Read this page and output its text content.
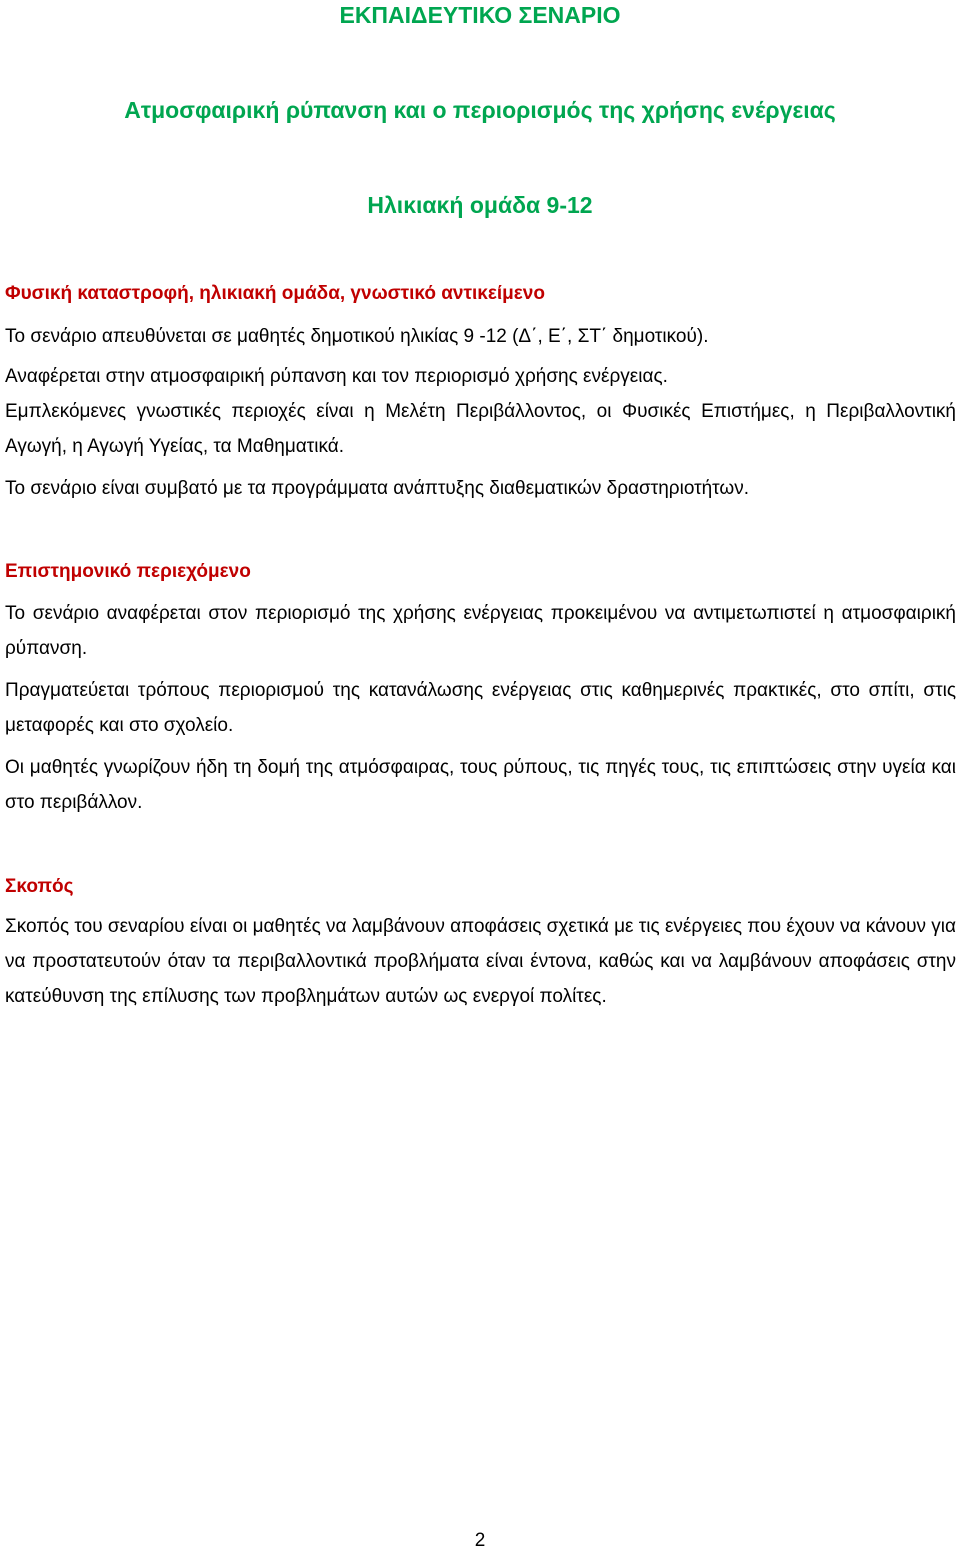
ΕΚΠΑΙΔΕΥΤΙΚΟ ΣΕΝΑΡΙΟ
Ατμοσφαιρική ρύπανση και ο περιορισμός της χρήσης ενέργειας
Ηλικιακή ομάδα 9-12
Φυσική καταστροφή, ηλικιακή ομάδα, γνωστικό αντικείμενο

Το σενάριο απευθύνεται σε μαθητές δημοτικού ηλικίας 9 -12 (Δ΄, Ε΄, ΣΤ΄ δημοτικού).

Αναφέρεται στην ατμοσφαιρική ρύπανση και τον περιορισμό χρήσης ενέργειας.

Εμπλεκόμενες γνωστικές περιοχές είναι η Μελέτη Περιβάλλοντος, οι Φυσικές Επιστήμες, η Περιβαλλοντική Αγωγή, η Αγωγή Υγείας, τα Μαθηματικά.

Το σενάριο είναι συμβατό με τα προγράμματα ανάπτυξης διαθεματικών δραστηριοτήτων.

Επιστημονικό περιεχόμενο

Το σενάριο αναφέρεται στον περιορισμό της χρήσης ενέργειας προκειμένου να αντιμετωπιστεί η ατμοσφαιρική ρύπανση.

Πραγματεύεται τρόπους περιορισμού της κατανάλωσης ενέργειας στις καθημερινές πρακτικές, στο σπίτι, στις μεταφορές και στο σχολείο.

Οι μαθητές γνωρίζουν ήδη τη δομή της ατμόσφαιρας, τους ρύπους, τις πηγές τους, τις επιπτώσεις στην υγεία και στο περιβάλλον.

Σκοπός

Σκοπός του σεναρίου είναι οι μαθητές να λαμβάνουν αποφάσεις σχετικά με τις ενέργειες που έχουν να κάνουν για να προστατευτούν όταν τα περιβαλλοντικά προβλήματα είναι έντονα, καθώς και να λαμβάνουν αποφάσεις στην κατεύθυνση της επίλυσης των προβλημάτων αυτών ως ενεργοί πολίτες.

2
